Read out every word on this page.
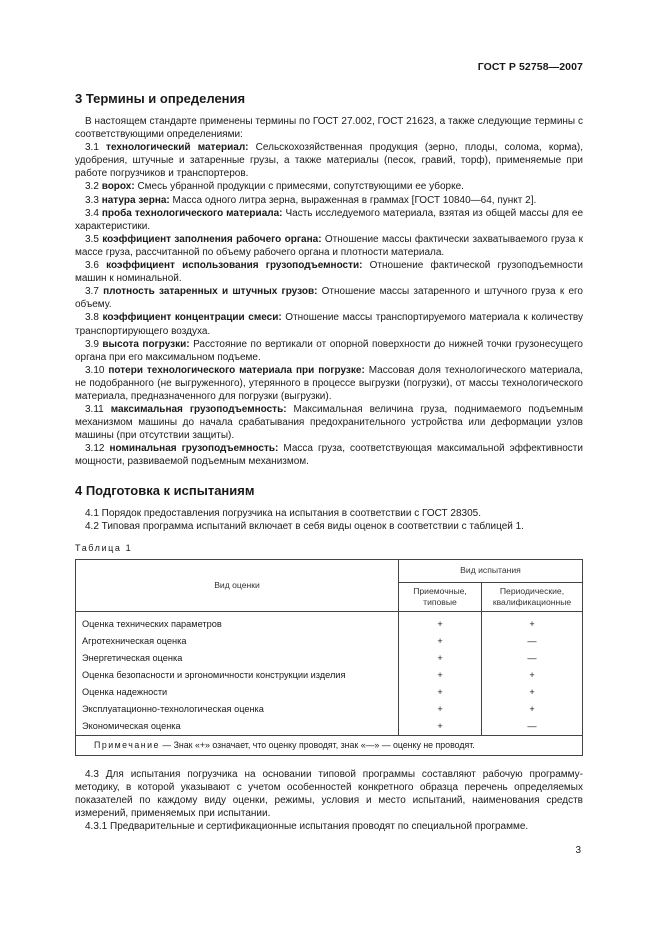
ГОСТ Р 52758—2007
3 Термины и определения

В настоящем стандарте применены термины по ГОСТ 27.002, ГОСТ 21623, а также следующие термины с соответствующими определениями:

3.1 технологический материал: Сельскохозяйственная продукция (зерно, плоды, солома, корма), удобрения, штучные и затаренные грузы, а также материалы (песок, гравий, торф), применяемые при работе погрузчиков и транспортеров.

3.2 ворох: Смесь убранной продукции с примесями, сопутствующими ее уборке.

3.3 натура зерна: Масса одного литра зерна, выраженная в граммах [ГОСТ 10840—64, пункт 2].

3.4 проба технологического материала: Часть исследуемого материала, взятая из общей массы для ее характеристики.

3.5 коэффициент заполнения рабочего органа: Отношение массы фактически захватываемого груза к массе груза, рассчитанной по объему рабочего органа и плотности материала.

3.6 коэффициент использования грузоподъемности: Отношение фактической грузоподъемности машин к номинальной.

3.7 плотность затаренных и штучных грузов: Отношение массы затаренного и штучного груза к его объему.

3.8 коэффициент концентрации смеси: Отношение массы транспортируемого материала к количеству транспортирующего воздуха.

3.9 высота погрузки: Расстояние по вертикали от опорной поверхности до нижней точки грузонесущего органа при его максимальном подъеме.

3.10 потери технологического материала при погрузке: Массовая доля технологического материала, не подобранного (не выгруженного), утерянного в процессе выгрузки (погрузки), от массы технологического материала, предназначенного для погрузки (выгрузки).

3.11 максимальная грузоподъемность: Максимальная величина груза, поднимаемого подъемным механизмом машины до начала срабатывания предохранительного устройства или деформации узлов машины (при отсутствии защиты).

3.12 номинальная грузоподъемность: Масса груза, соответствующая максимальной эффективности мощности, развиваемой подъемным механизмом.

4 Подготовка к испытаниям

4.1 Порядок предоставления погрузчика на испытания в соответствии с ГОСТ 28305.

4.2 Типовая программа испытаний включает в себя виды оценок в соответствии с таблицей 1.

Таблица 1
Вид оценки	Вид испытания	
	Приемочные, типовые	Периодические, квалификационные
Оценка технических параметров	+	+
Агротехническая оценка	+	—
Энергетическая оценка	+	—
Оценка безопасности и эргономичности конструкции изделия	+	+
Оценка надежности	+	+
Эксплуатационно-технологическая оценка	+	+
Экономическая оценка	+	—
Примечание — Знак «+» означает, что оценку проводят, знак «—» — оценку не проводят.		

4.3 Для испытания погрузчика на основании типовой программы составляют рабочую программу-методику, в которой указывают с учетом особенностей конкретного образца перечень определяемых показателей по каждому виду оценки, режимы, условия и место испытаний, наименования средств измерений, применяемых при испытании.

4.3.1 Предварительные и сертификационные испытания проводят по специальной программе.

3
